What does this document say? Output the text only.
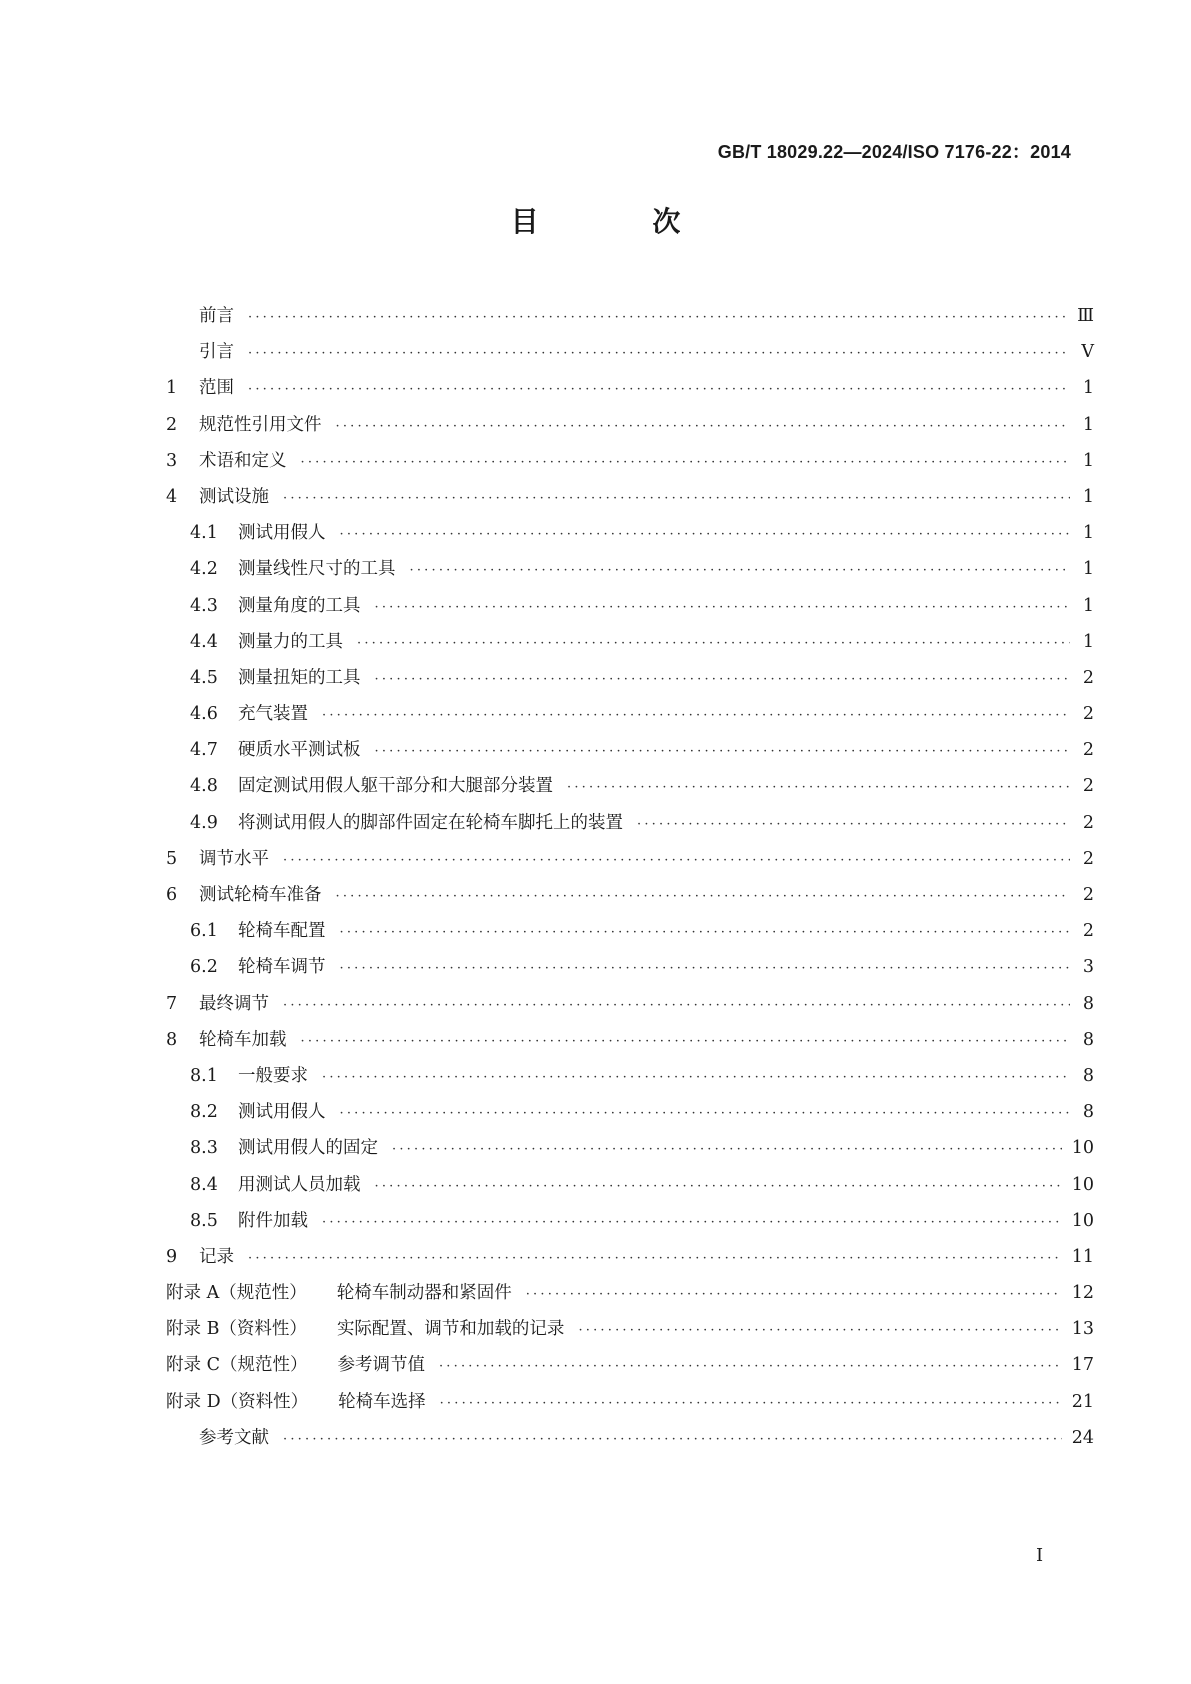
GB/T 18029.22—2024/ISO 7176-22：2014
目 次
前言 ·····	Ⅲ
引言 ·····	Ⅴ
1	范围 ·····	1
2	规范性引用文件 ·····	1
3	术语和定义 ·····	1
4	测试设施 ·····	1
4.1	测试用假人 ·····	1
4.2	测量线性尺寸的工具 ·····	1
4.3	测量角度的工具 ·····	1
4.4	测量力的工具 ·····	1
4.5	测量扭矩的工具 ·····	2
4.6	充气装置 ·····	2
4.7	硬质水平测试板 ·····	2
4.8	固定测试用假人躯干部分和大腿部分装置 ·····	2
4.9	将测试用假人的脚部件固定在轮椅车脚托上的装置 ·····	2
5	调节水平 ·····	2
6	测试轮椅车准备 ·····	2
6.1	轮椅车配置 ·····	2
6.2	轮椅车调节 ·····	3
7	最终调节 ·····	8
8	轮椅车加载 ·····	8
8.1	一般要求 ·····	8
8.2	测试用假人 ·····	8
8.3	测试用假人的固定 ·····	10
8.4	用测试人员加载 ·····	10
8.5	附件加载 ·····	10
9	记录 ·····	11
附录 A（规范性） 轮椅车制动器和紧固件 ·····	12
附录 B（资料性） 实际配置、调节和加载的记录 ·····	13
附录 C（规范性） 参考调节值 ·····	17
附录 D（资料性） 轮椅车选择 ·····	21
参考文献 ·····	24
Ⅰ
